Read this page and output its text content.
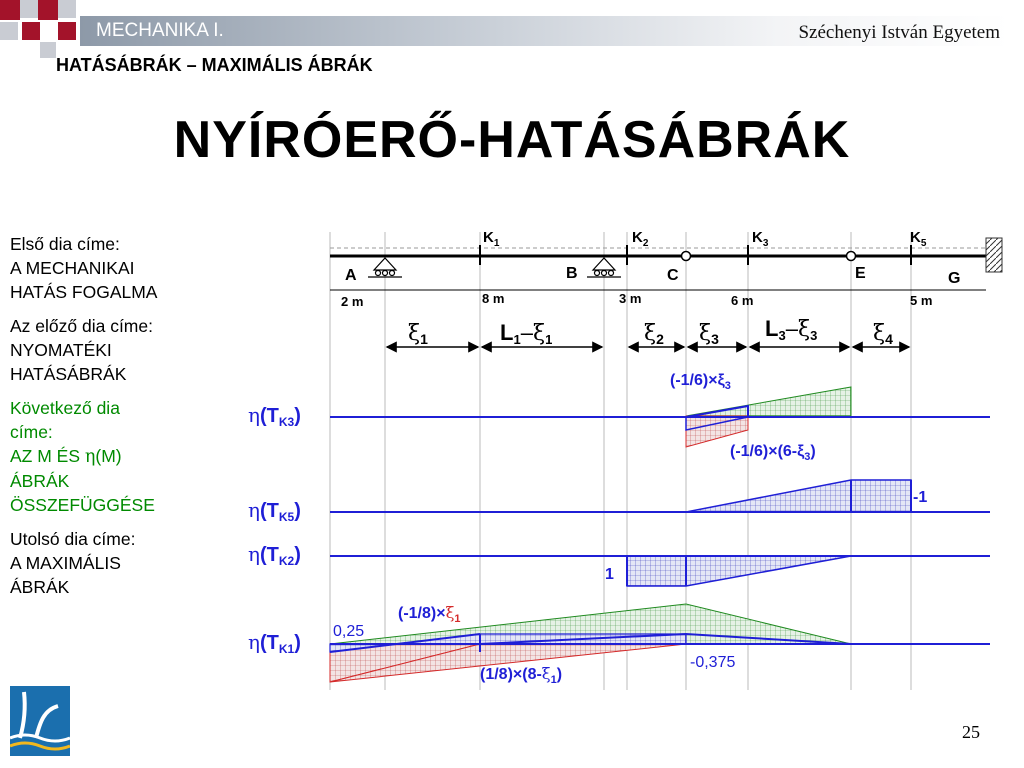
MECHANIKA I.	Széchenyi István Egyetem
HATÁSÁBRÁK – MAXIMÁLIS ÁBRÁK
NYÍRÓERŐ-HATÁSÁBRÁK
Első dia címe:
A MECHANIKAI
HATÁS FOGALMA
Az előző dia címe:
NYOMATÉKI
HATÁSÁBRÁK
Következő dia
címe:
AZ M ÉS η(M)
ÁBRÁK
ÖSSZEFÜGGÉSE
Utolsó dia címe:
A MAXIMÁLIS
ÁBRÁK
$K_1$	$K_2$	$K_3$	$K_5$
A	B	C	E	G
2 m	8 m	3 m	6 m	5 m
ξ1	L1–ξ1	ξ2 ξ3 L3–ξ3	ξ4
$\eta(T_K3)$
$(-1/6)\times\xi_3$
$(-1/6)\times(6-\xi_3)$
$\eta(T_K5)$
-1
$\eta(T_K2)$
1
$\eta(T_K1)$
$(-1/8)\times\xi_1$
$(1/8)\times(8-\xi_1)$
0,25
-0,375
25
